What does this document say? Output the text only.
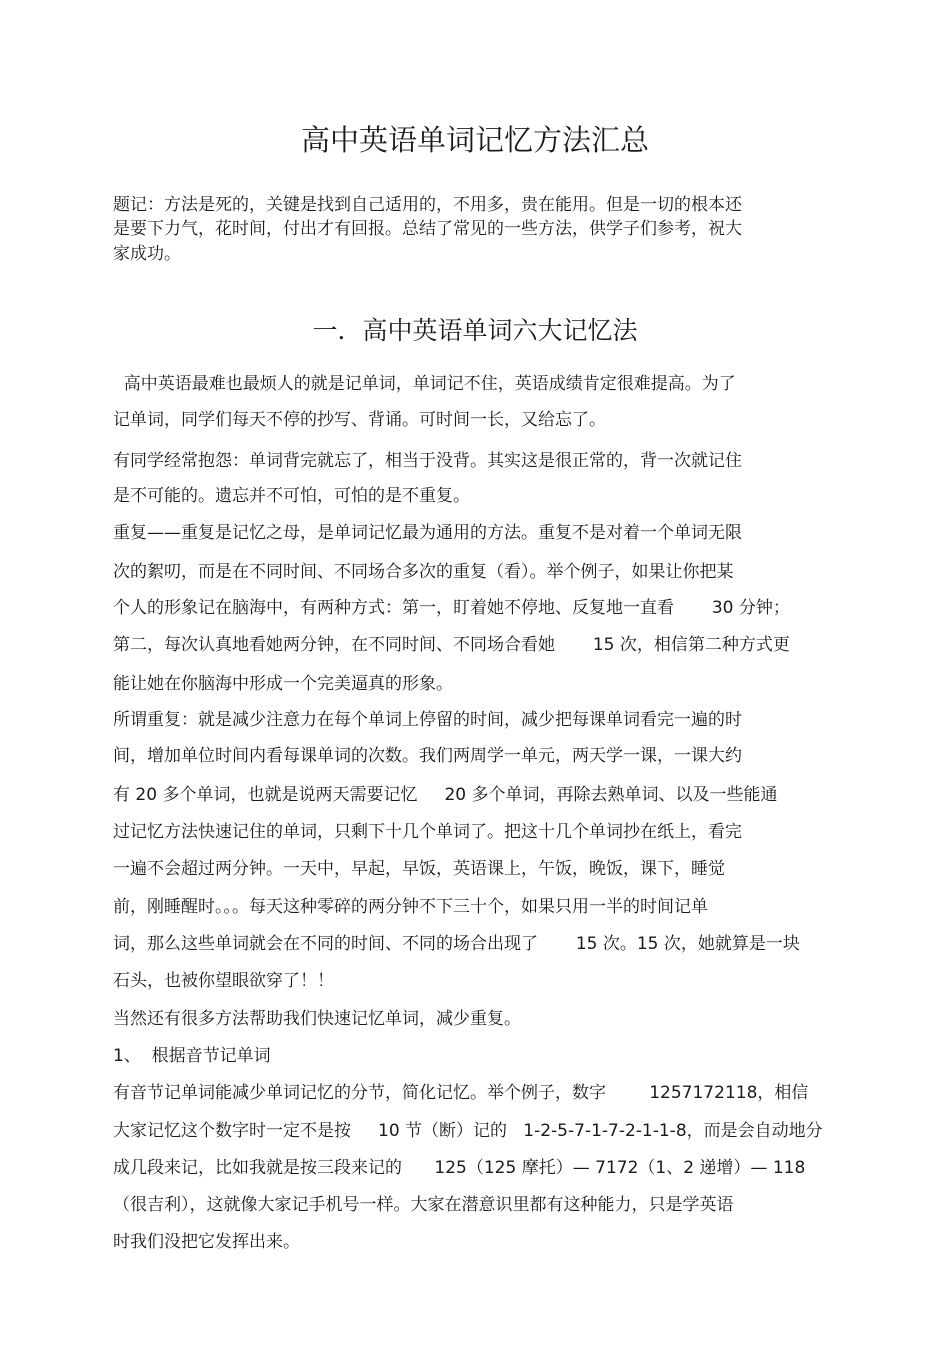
高中英语单词记忆方法汇总
题记：方法是死的，关键是找到自己适用的，不用多，贵在能用。但是一切的根本还
是要下力气，花时间，付出才有回报。总结了常见的一些方法，供学子们参考，祝大
家成功。
一．高中英语单词六大记忆法
高中英语最难也最烦人的就是记单词，单词记不住，英语成绩肯定很难提高。为了
记单词，同学们每天不停的抄写、背诵。可时间一长，又给忘了。
有同学经常抱怨：单词背完就忘了，相当于没背。其实这是很正常的，背一次就记住
是不可能的。遗忘并不可怕，可怕的是不重复。
重复——重复是记忆之母，是单词记忆最为通用的方法。重复不是对着一个单词无限
次的絮叨，而是在不同时间、不同场合多次的重复（看）。举个例子，如果让你把某
个人的形象记在脑海中，有两种方式：第一，盯着她不停地、反复地一直看       30 分钟；
第二，每次认真地看她两分钟，在不同时间、不同场合看她       15 次，相信第二种方式更
能让她在你脑海中形成一个完美逼真的形象。
所谓重复：就是减少注意力在每个单词上停留的时间，减少把每课单词看完一遍的时
间，增加单位时间内看每课单词的次数。我们两周学一单元，两天学一课，一课大约
有 20 多个单词，也就是说两天需要记忆     20 多个单词，再除去熟单词、以及一些能通
过记忆方法快速记住的单词，只剩下十几个单词了。把这十几个单词抄在纸上，看完
一遍不会超过两分钟。一天中，早起，早饭，英语课上，午饭，晚饭，课下，睡觉
前，刚睡醒时。。。每天这种零碎的两分钟不下三十个，如果只用一半的时间记单
词，那么这些单词就会在不同的时间、不同的场合出现了       15 次。15 次，她就算是一块
石头，也被你望眼欲穿了！！
当然还有很多方法帮助我们快速记忆单词，减少重复。
1、  根据音节记单词
有音节记单词能减少单词记忆的分节，简化记忆。举个例子，数字        1257172118，相信
大家记忆这个数字时一定不是按     10 节（断）记的   1-2-5-7-1-7-2-1-1-8，而是会自动地分
成几段来记，比如我就是按三段来记的      125（125 摩托）— 7172（1、2 递增）— 118
（很吉利），这就像大家记手机号一样。大家在潜意识里都有这种能力，只是学英语
时我们没把它发挥出来。
